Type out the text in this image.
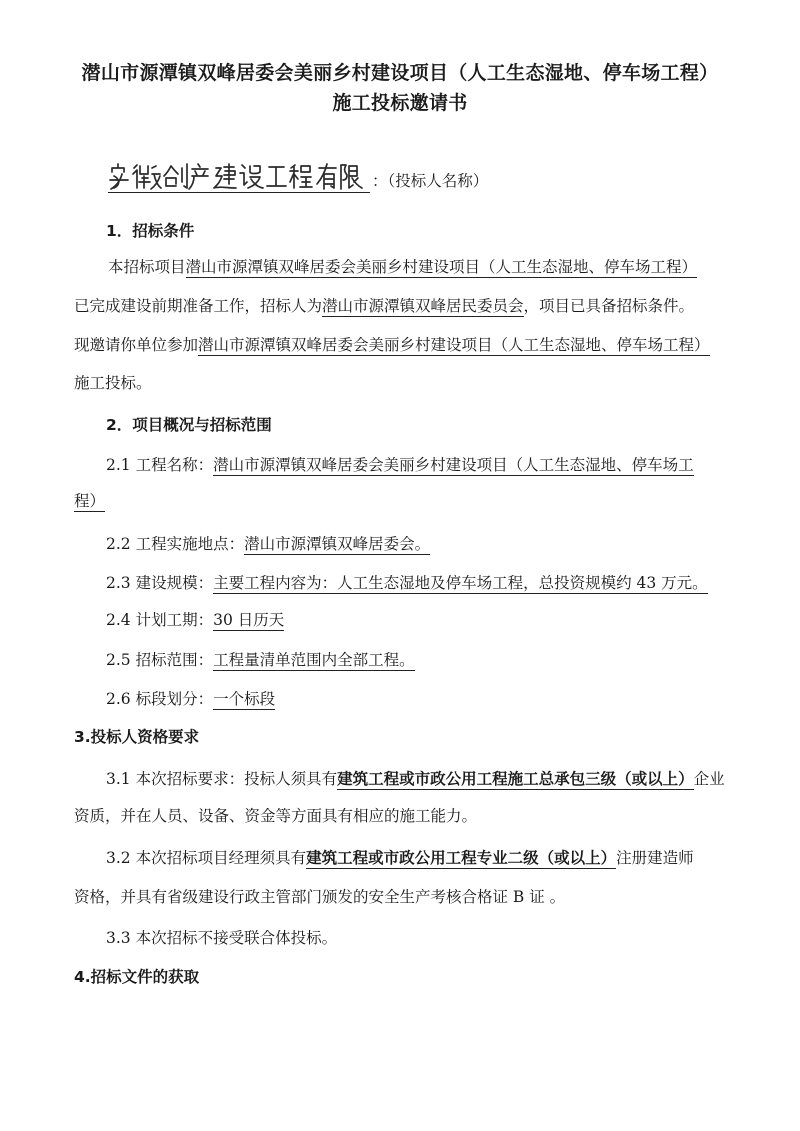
潜山市源潭镇双峰居委会美丽乡村建设项目（人工生态湿地、停车场工程）
施工投标邀请书
：（投标人名称）
1．招标条件
本招标项目潜山市源潭镇双峰居委会美丽乡村建设项目（人工生态湿地、停车场工程）
已完成建设前期准备工作，招标人为潜山市源潭镇双峰居民委员会，项目已具备招标条件。
现邀请你单位参加潜山市源潭镇双峰居委会美丽乡村建设项目（人工生态湿地、停车场工程）
施工投标。
2．项目概况与招标范围
2.1 工程名称：潜山市源潭镇双峰居委会美丽乡村建设项目（人工生态湿地、停车场工
程）
2.2 工程实施地点：潜山市源潭镇双峰居委会。
2.3 建设规模：主要工程内容为：人工生态湿地及停车场工程，总投资规模约 43 万元。
2.4 计划工期：30 日历天
2.5 招标范围：工程量清单范围内全部工程。
2.6 标段划分：一个标段
3.投标人资格要求
3.1 本次招标要求：投标人须具有建筑工程或市政公用工程施工总承包三级（或以上）企业
资质，并在人员、设备、资金等方面具有相应的施工能力。
3.2 本次招标项目经理须具有建筑工程或市政公用工程专业二级（或以上）注册建造师
资格，并具有省级建设行政主管部门颁发的安全生产考核合格证 B 证 。
3.3 本次招标不接受联合体投标。
4.招标文件的获取
